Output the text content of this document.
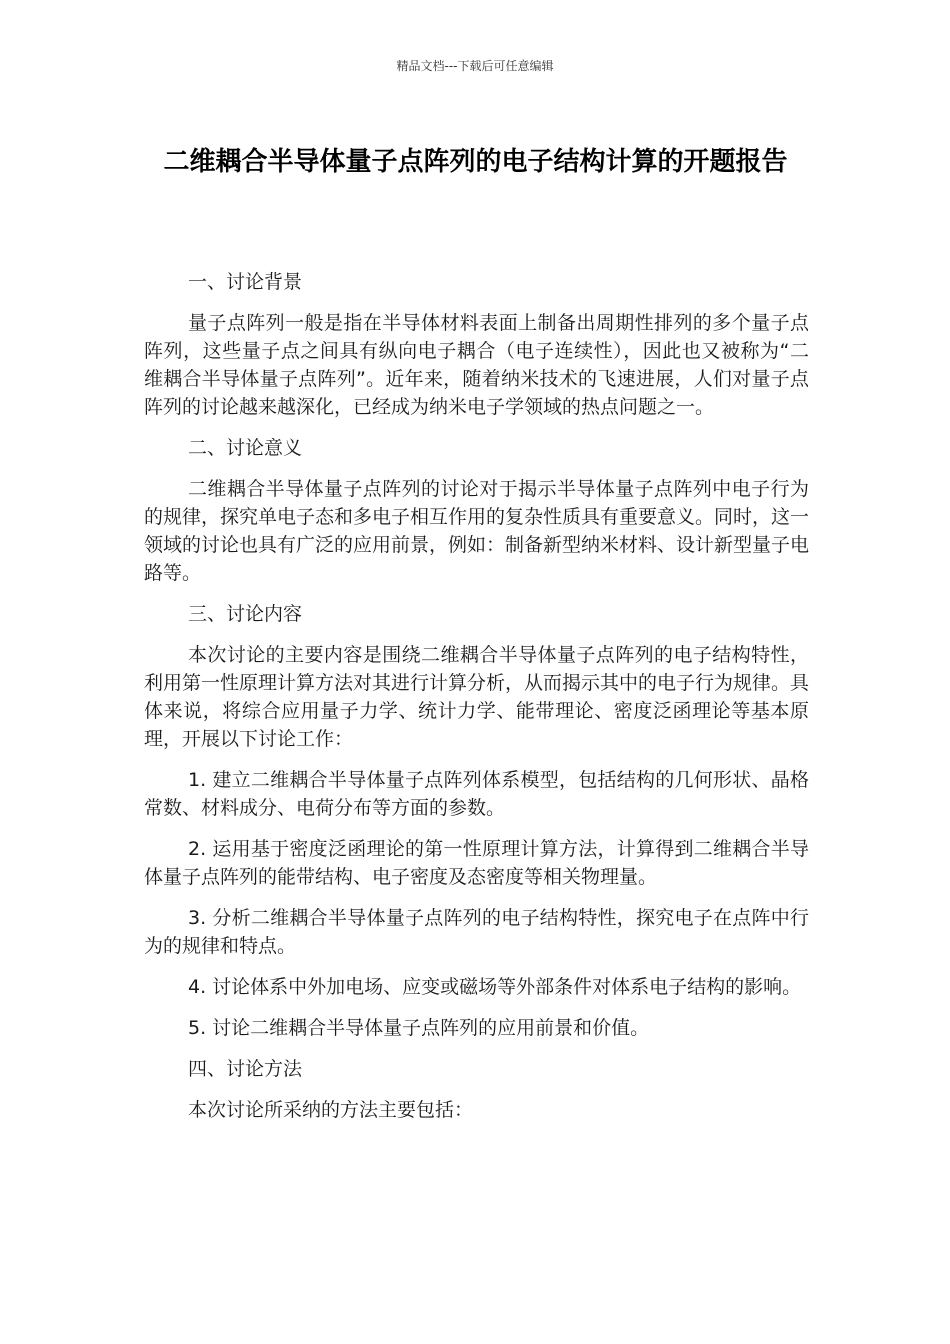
精品文档---下载后可任意编辑
二维耦合半导体量子点阵列的电子结构计算的开题报告

一、讨论背景

量子点阵列一般是指在半导体材料表面上制备出周期性排列的多个量子点阵列，这些量子点之间具有纵向电子耦合（电子连续性），因此也又被称为“二维耦合半导体量子点阵列”。近年来，随着纳米技术的飞速进展，人们对量子点阵列的讨论越来越深化，已经成为纳米电子学领域的热点问题之一。

二、讨论意义

二维耦合半导体量子点阵列的讨论对于揭示半导体量子点阵列中电子行为的规律，探究单电子态和多电子相互作用的复杂性质具有重要意义。同时，这一领域的讨论也具有广泛的应用前景，例如：制备新型纳米材料、设计新型量子电路等。

三、讨论内容

本次讨论的主要内容是围绕二维耦合半导体量子点阵列的电子结构特性，利用第一性原理计算方法对其进行计算分析，从而揭示其中的电子行为规律。具体来说，将综合应用量子力学、统计力学、能带理论、密度泛函理论等基本原理，开展以下讨论工作：

1. 建立二维耦合半导体量子点阵列体系模型，包括结构的几何形状、晶格常数、材料成分、电荷分布等方面的参数。

2. 运用基于密度泛函理论的第一性原理计算方法，计算得到二维耦合半导体量子点阵列的能带结构、电子密度及态密度等相关物理量。

3. 分析二维耦合半导体量子点阵列的电子结构特性，探究电子在点阵中行为的规律和特点。

4. 讨论体系中外加电场、应变或磁场等外部条件对体系电子结构的影响。

5. 讨论二维耦合半导体量子点阵列的应用前景和价值。

四、讨论方法

本次讨论所采纳的方法主要包括：
